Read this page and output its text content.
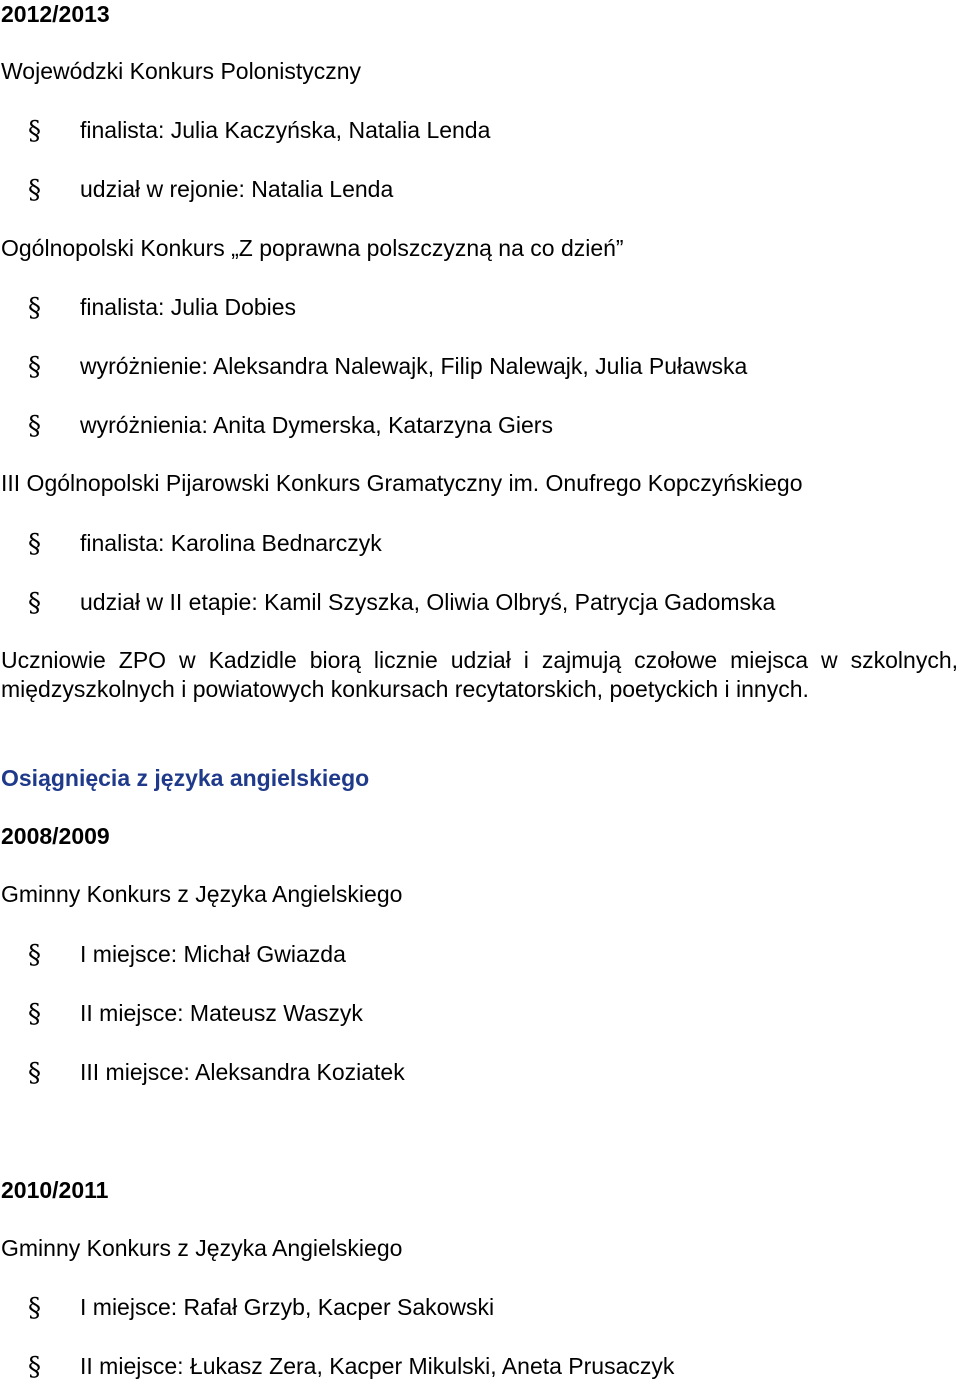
2012/2013
Wojewódzki Konkurs Polonistyczny
§ finalista: Julia Kaczyńska, Natalia Lenda
§ udział w rejonie: Natalia Lenda
Ogólnopolski Konkurs „Z poprawna polszczyzną na co dzień”
§ finalista: Julia Dobies
§ wyróżnienie: Aleksandra Nalewajk, Filip Nalewajk, Julia Puławska
§ wyróżnienia: Anita Dymerska, Katarzyna Giers
III Ogólnopolski Pijarowski Konkurs Gramatyczny im. Onufrego Kopczyńskiego
§ finalista: Karolina Bednarczyk
§ udział w II etapie: Kamil Szyszka, Oliwia Olbryś, Patrycja Gadomska
Uczniowie ZPO w Kadzidle biorą licznie udział i zajmują czołowe miejsca w szkolnych, międzyszkolnych i powiatowych konkursach recytatorskich, poetyckich i innych.
Osiągnięcia z języka angielskiego
2008/2009
Gminny Konkurs z Języka Angielskiego
§ I miejsce: Michał Gwiazda
§ II miejsce: Mateusz Waszyk
§ III miejsce: Aleksandra Koziatek
2010/2011
Gminny Konkurs z Języka Angielskiego
§ I miejsce: Rafał Grzyb, Kacper Sakowski
§ II miejsce: Łukasz Zera, Kacper Mikulski, Aneta Prusaczyk
